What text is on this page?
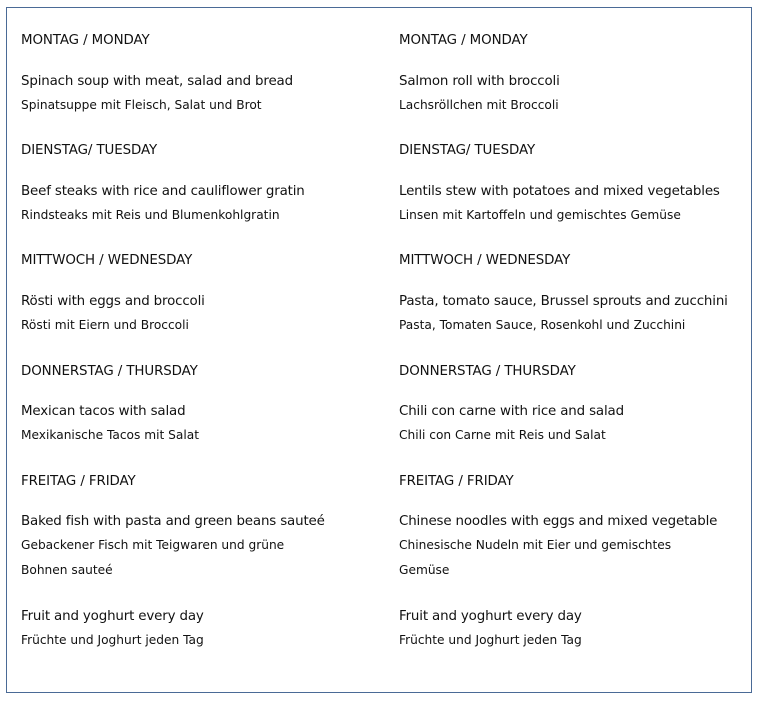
MONTAG / MONDAY
Spinach soup with meat, salad and bread
Spinatsuppe mit Fleisch, Salat und Brot
DIENSTAG/ TUESDAY
Beef steaks with rice and cauliflower gratin
Rindsteaks mit Reis und Blumenkohlgratin
MITTWOCH / WEDNESDAY
Rösti with eggs and broccoli
Rösti mit Eiern und Broccoli
DONNERSTAG / THURSDAY
Mexican tacos with salad
Mexikanische Tacos mit Salat
FREITAG / FRIDAY
Baked fish with pasta and green beans sauteé
Gebackener Fisch mit Teigwaren und grüne
Bohnen sauteé
Fruit and yoghurt every day
Früchte und Joghurt jeden Tag
MONTAG / MONDAY
Salmon roll with broccoli
Lachsröllchen mit Broccoli
DIENSTAG/ TUESDAY
Lentils stew with potatoes and mixed vegetables
Linsen mit Kartoffeln und gemischtes Gemüse
MITTWOCH / WEDNESDAY
Pasta, tomato sauce, Brussel sprouts and zucchini
Pasta, Tomaten Sauce, Rosenkohl und Zucchini
DONNERSTAG / THURSDAY
Chili con carne with rice and salad
Chili con Carne mit Reis und Salat
FREITAG / FRIDAY
Chinese noodles with eggs and mixed vegetable
Chinesische Nudeln mit Eier und gemischtes
Gemüse
Fruit and yoghurt every day
Früchte und Joghurt jeden Tag
